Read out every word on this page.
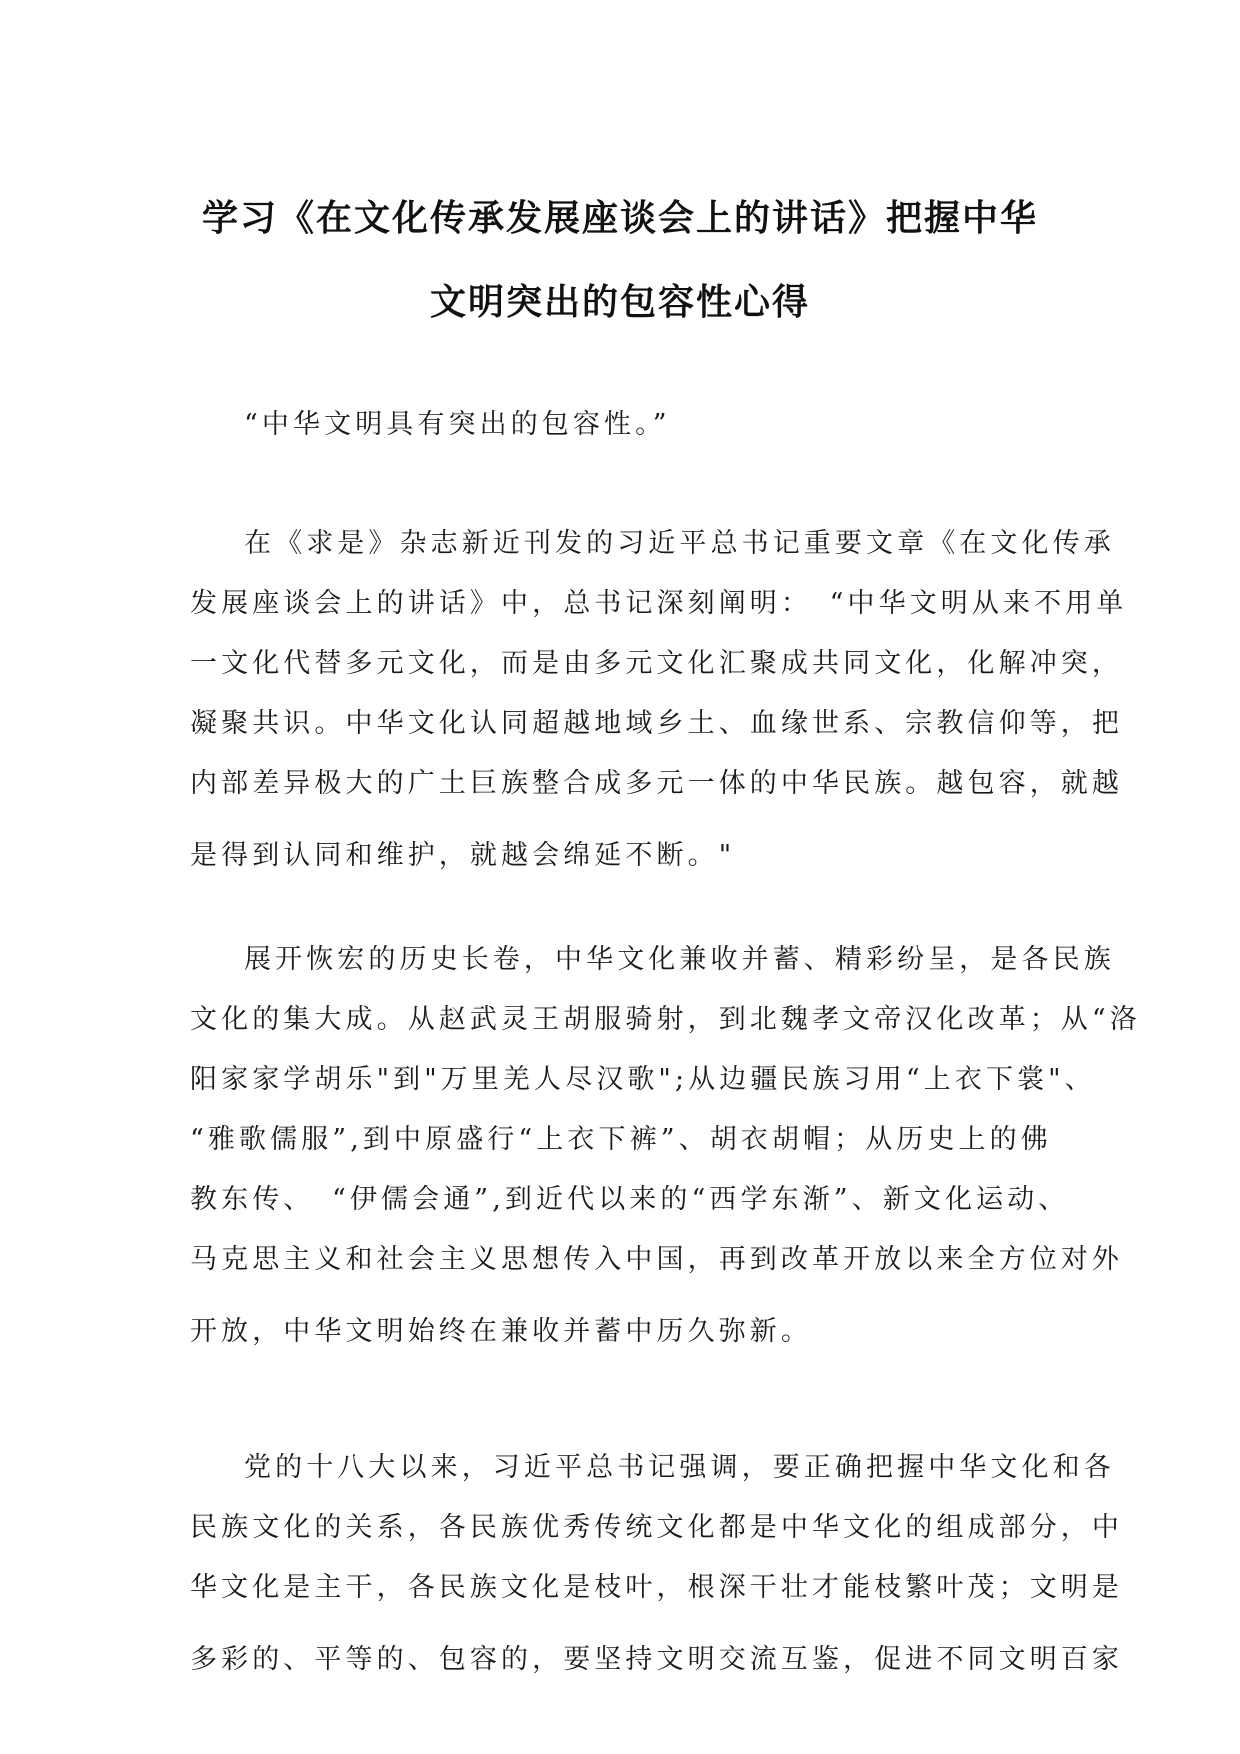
学习《在文化传承发展座谈会上的讲话》把握中华
文明突出的包容性心得
“中华文明具有突出的包容性。”
在《求是》杂志新近刊发的习近平总书记重要文章《在文化传承
发展座谈会上的讲话》中，总书记深刻阐明：　“中华文明从来不用单
一文化代替多元文化，而是由多元文化汇聚成共同文化，化解冲突，
凝聚共识。中华文化认同超越地域乡土、血缘世系、宗教信仰等，把
内部差异极大的广土巨族整合成多元一体的中华民族。越包容，就越
是得到认同和维护，就越会绵延不断。"
展开恢宏的历史长卷，中华文化兼收并蓄、精彩纷呈，是各民族
文化的集大成。从赵武灵王胡服骑射，到北魏孝文帝汉化改革；从“洛
阳家家学胡乐"到"万里羌人尽汉歌";从边疆民族习用“上衣下裳"、
“雅歌儒服”,到中原盛行“上衣下裤”、胡衣胡帽；从历史上的佛
教东传、　“伊儒会通”,到近代以来的“西学东渐”、新文化运动、
马克思主义和社会主义思想传入中国，再到改革开放以来全方位对外
开放，中华文明始终在兼收并蓄中历久弥新。
党的十八大以来，习近平总书记强调，要正确把握中华文化和各
民族文化的关系，各民族优秀传统文化都是中华文化的组成部分，中
华文化是主干，各民族文化是枝叶，根深干壮才能枝繁叶茂；文明是
多彩的、平等的、包容的，要坚持文明交流互鉴，促进不同文明百家
